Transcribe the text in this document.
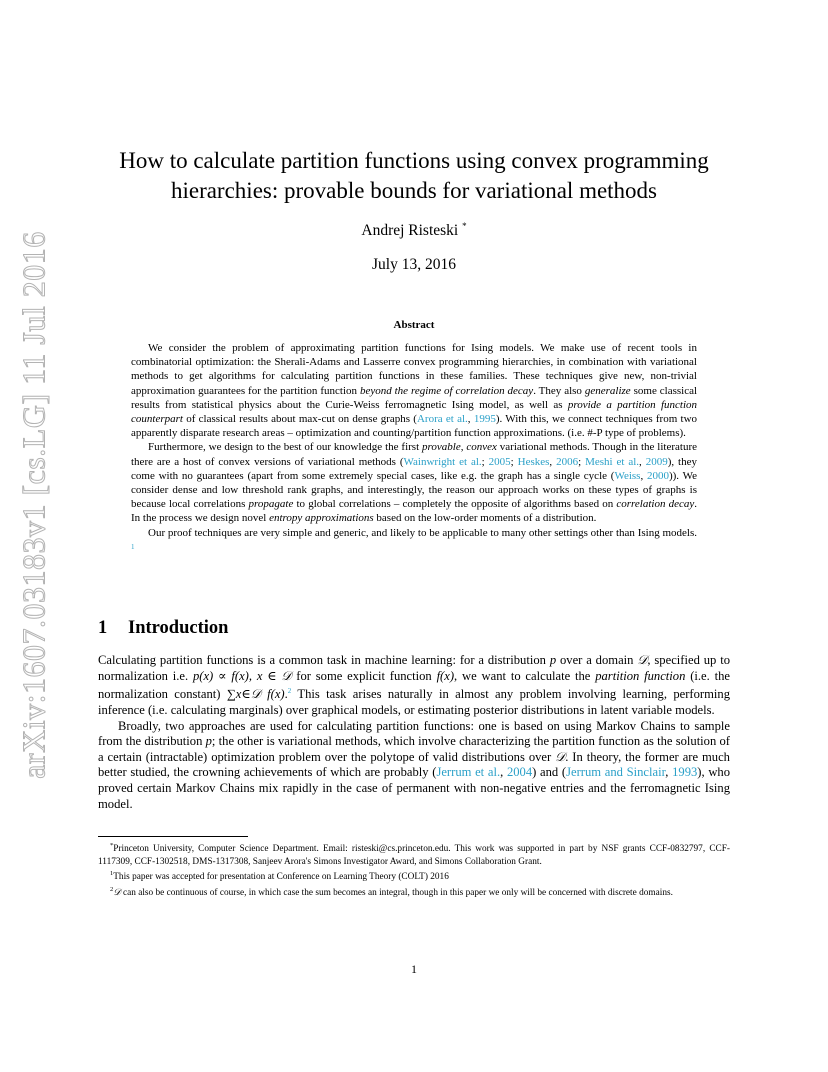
arXiv:1607.03183v1 [cs.LG] 11 Jul 2016
How to calculate partition functions using convex programming
hierarchies: provable bounds for variational methods
Andrej Risteski *
July 13, 2016
Abstract

We consider the problem of approximating partition functions for Ising models. We make use of recent tools in combinatorial optimization: the Sherali-Adams and Lasserre convex programming hierarchies, in combination with variational methods to get algorithms for calculating partition functions in these families. These techniques give new, non-trivial approximation guarantees for the partition function beyond the regime of correlation decay. They also generalize some classical results from statistical physics about the Curie-Weiss ferromagnetic Ising model, as well as provide a partition function counterpart of classical results about max-cut on dense graphs (Arora et al., 1995). With this, we connect techniques from two apparently disparate research areas – optimization and counting/partition function approximations. (i.e. #-P type of problems).

Furthermore, we design to the best of our knowledge the first provable, convex variational methods. Though in the literature there are a host of convex versions of variational methods (Wainwright et al.; 2005; Heskes, 2006; Meshi et al., 2009), they come with no guarantees (apart from some extremely special cases, like e.g. the graph has a single cycle (Weiss, 2000)). We consider dense and low threshold rank graphs, and interestingly, the reason our approach works on these types of graphs is because local correlations propagate to global correlations – completely the opposite of algorithms based on correlation decay. In the process we design novel entropy approximations based on the low-order moments of a distribution.

Our proof techniques are very simple and generic, and likely to be applicable to many other settings other than Ising models. $^1$

1 Introduction

Calculating partition functions is a common task in machine learning: for a distribution p over a domain 𝒟, specified up to normalization i.e. p(x) ∝ f(x), x ∈ 𝒟 for some explicit function f(x), we want to calculate the partition function (i.e. the normalization constant) ∑x∈𝒟 f(x).$^2$ This task arises naturally in almost any problem involving learning, performing inference (i.e. calculating marginals) over graphical models, or estimating posterior distributions in latent variable models.

Broadly, two approaches are used for calculating partition functions: one is based on using Markov Chains to sample from the distribution p; the other is variational methods, which involve characterizing the partition function as the solution of a certain (intractable) optimization problem over the polytope of valid distributions over 𝒟. In theory, the former are much better studied, the crowning achievements of which are probably (Jerrum et al., 2004) and (Jerrum and Sinclair, 1993), who proved certain Markov Chains mix rapidly in the case of permanent with non-negative entries and the ferromagnetic Ising model.

*Princeton University, Computer Science Department. Email: risteski@cs.princeton.edu. This work was supported in part by NSF grants CCF-0832797, CCF-1117309, CCF-1302518, DMS-1317308, Sanjeev Arora's Simons Investigator Award, and Simons Collaboration Grant.

$^1$This paper was accepted for presentation at Conference on Learning Theory (COLT) 2016

$^2$𝒟 can also be continuous of course, in which case the sum becomes an integral, though in this paper we only will be concerned with discrete domains.

1
